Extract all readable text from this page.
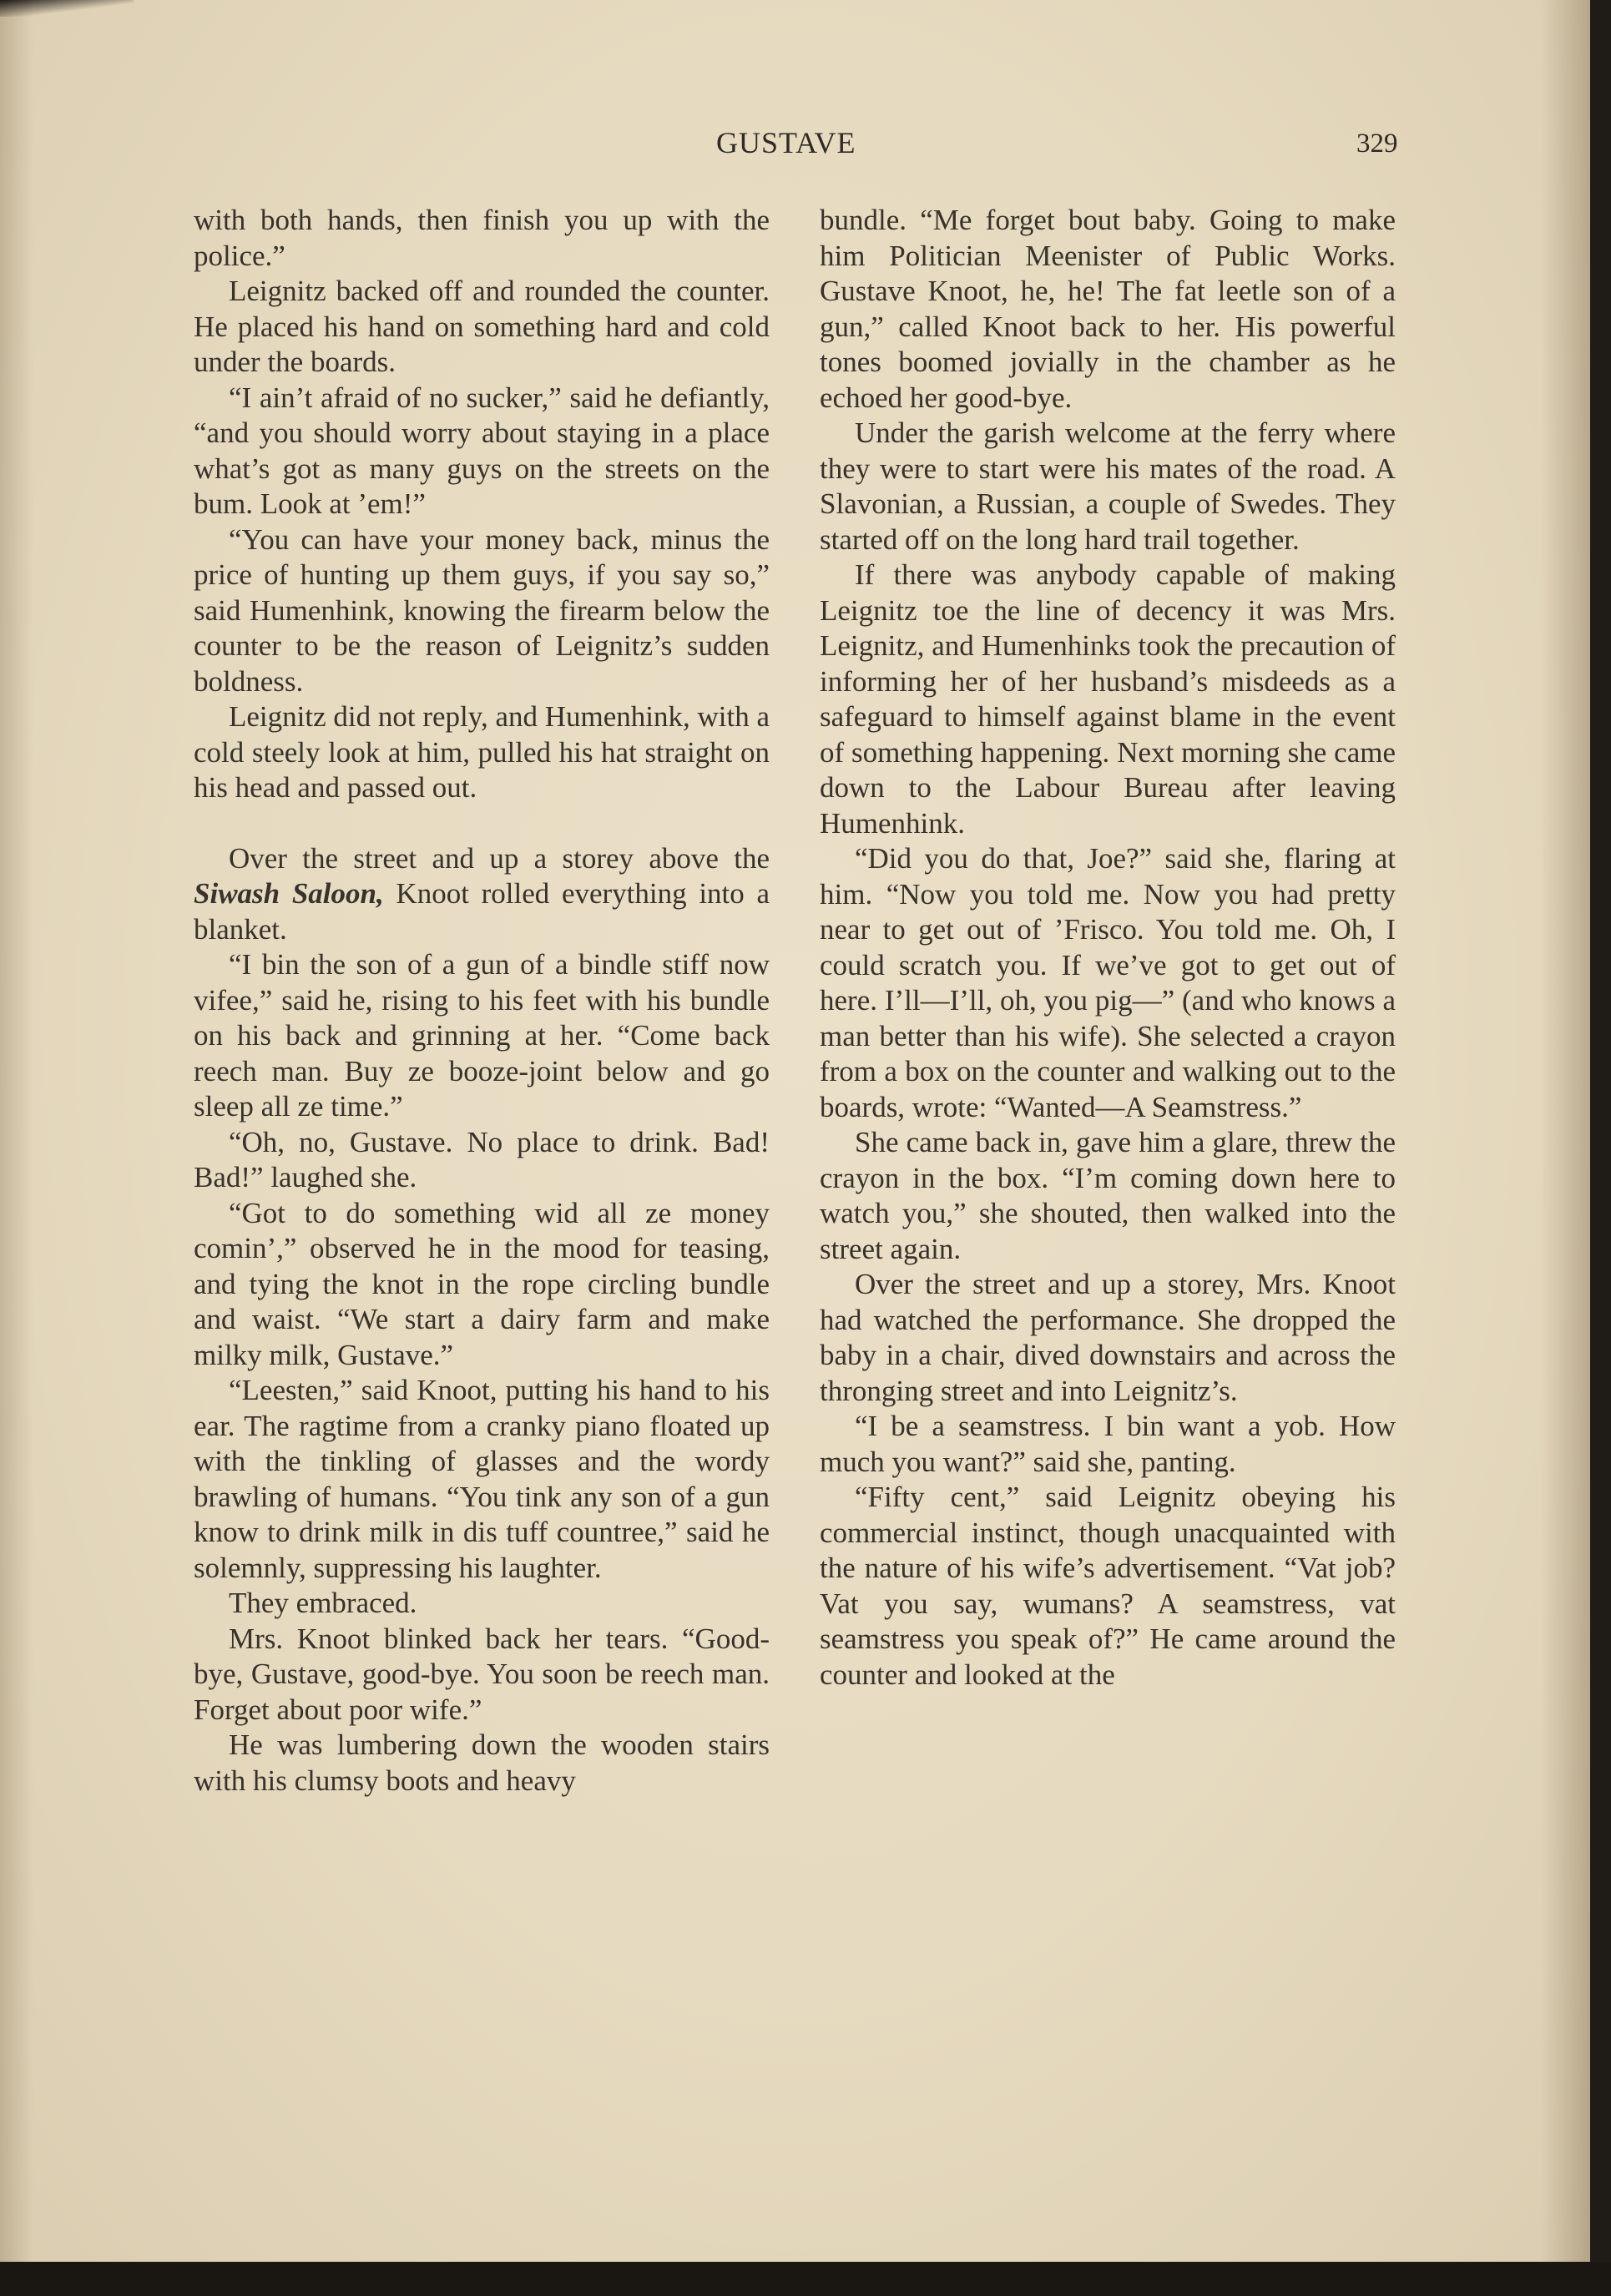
GUSTAVE	329

with both hands, then finish you up with the police.”

Leignitz backed off and rounded the counter. He placed his hand on something hard and cold under the boards.

“I ain’t afraid of no sucker,” said he defiantly, “and you should worry about staying in a place what’s got as many guys on the streets on the bum. Look at ’em!”

“You can have your money back, minus the price of hunting up them guys, if you say so,” said Humenhink, knowing the firearm below the counter to be the reason of Leignitz’s sudden boldness.

Leignitz did not reply, and Humenhink, with a cold steely look at him, pulled his hat straight on his head and passed out.

Over the street and up a storey above the Siwash Saloon, Knoot rolled everything into a blanket.

“I bin the son of a gun of a bindle stiff now vifee,” said he, rising to his feet with his bundle on his back and grinning at her. “Come back reech man. Buy ze booze-joint below and go sleep all ze time.”

“Oh, no, Gustave. No place to drink. Bad! Bad!” laughed she.

“Got to do something wid all ze money comin’,” observed he in the mood for teasing, and tying the knot in the rope circling bundle and waist. “We start a dairy farm and make milky milk, Gustave.”

“Leesten,” said Knoot, putting his hand to his ear. The ragtime from a cranky piano floated up with the tinkling of glasses and the wordy brawling of humans. “You tink any son of a gun know to drink milk in dis tuff countree,” said he solemnly, suppressing his laughter.

They embraced.

Mrs. Knoot blinked back her tears. “Good-bye, Gustave, good-bye. You soon be reech man. Forget about poor wife.”

He was lumbering down the wooden stairs with his clumsy boots and heavy

bundle. “Me forget bout baby. Going to make him Politician Meenister of Public Works. Gustave Knoot, he, he! The fat leetle son of a gun,” called Knoot back to her. His powerful tones boomed jovially in the chamber as he echoed her good-bye.

Under the garish welcome at the ferry where they were to start were his mates of the road. A Slavonian, a Russian, a couple of Swedes. They started off on the long hard trail together.

If there was anybody capable of making Leignitz toe the line of decency it was Mrs. Leignitz, and Humenhinks took the precaution of informing her of her husband’s misdeeds as a safeguard to himself against blame in the event of something happening. Next morning she came down to the Labour Bureau after leaving Humenhink.

“Did you do that, Joe?” said she, flaring at him. “Now you told me. Now you had pretty near to get out of ’Frisco. You told me. Oh, I could scratch you. If we’ve got to get out of here. I’ll—I’ll, oh, you pig—” (and who knows a man better than his wife). She selected a crayon from a box on the counter and walking out to the boards, wrote: “Wanted—A Seamstress.”

She came back in, gave him a glare, threw the crayon in the box. “I’m coming down here to watch you,” she shouted, then walked into the street again.

Over the street and up a storey, Mrs. Knoot had watched the performance. She dropped the baby in a chair, dived downstairs and across the thronging street and into Leignitz’s.

“I be a seamstress. I bin want a yob. How much you want?” said she, panting.

“Fifty cent,” said Leignitz obeying his commercial instinct, though unacquainted with the nature of his wife’s advertisement. “Vat job? Vat you say, wumans? A seamstress, vat seamstress you speak of?” He came around the counter and looked at the
